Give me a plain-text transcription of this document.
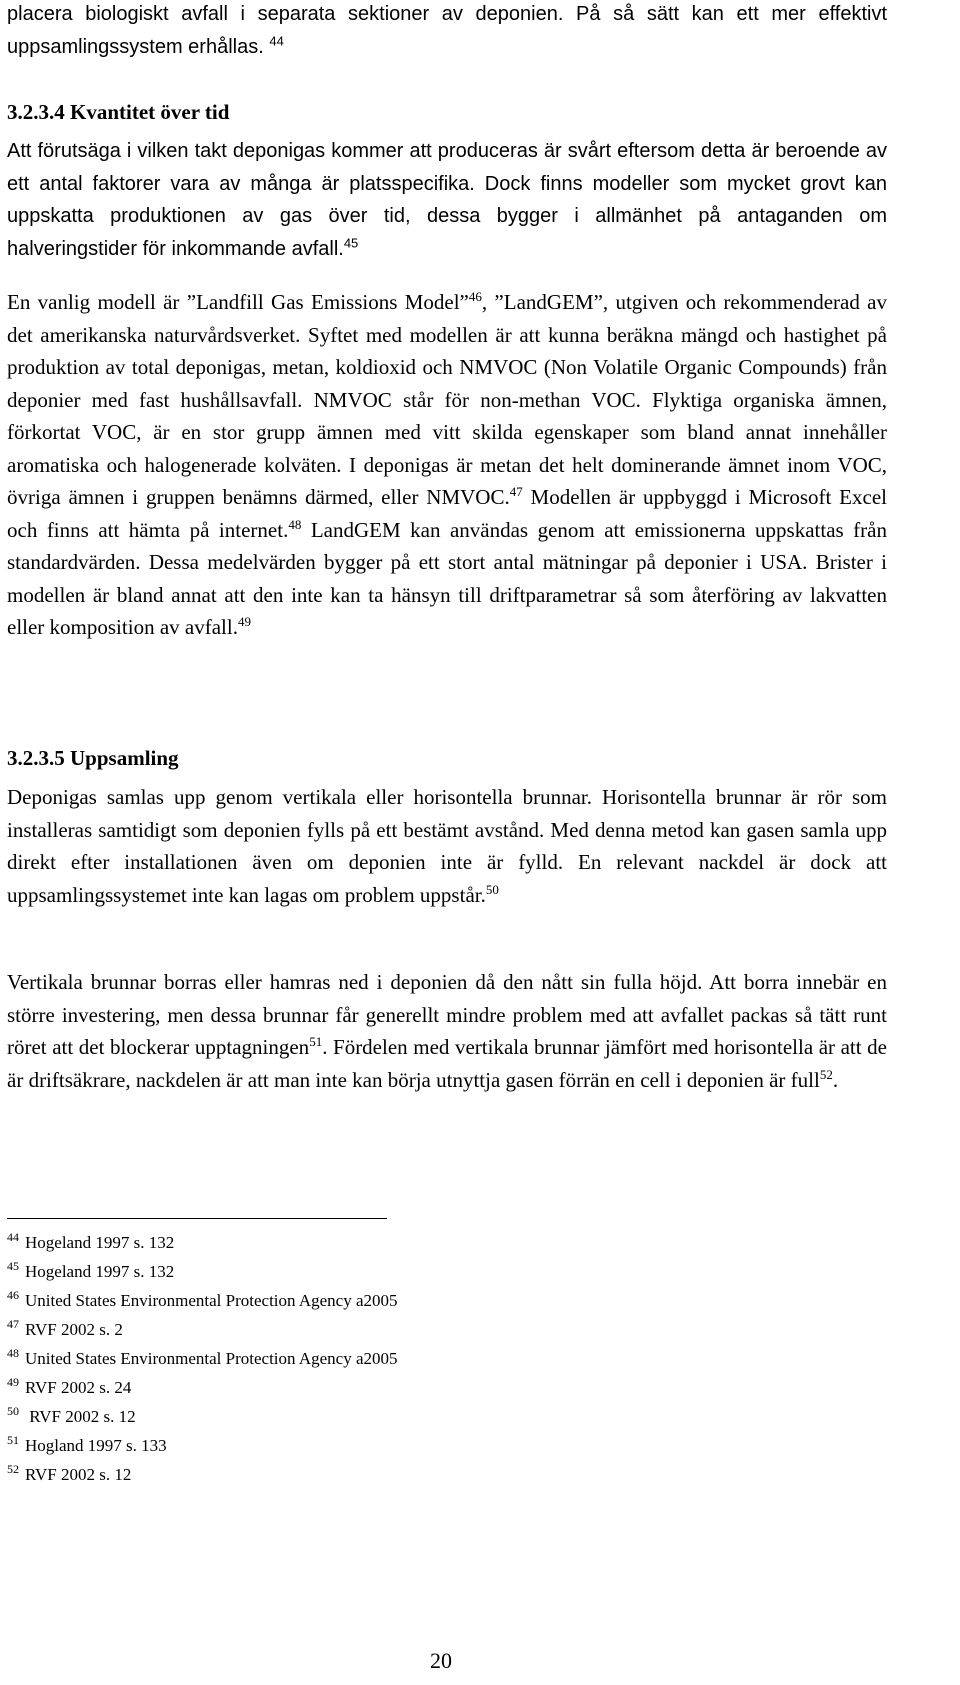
placera biologiskt avfall i separata sektioner av deponien. På så sätt kan ett mer effektivt uppsamlingssystem erhållas. $^{44}$

3.2.3.4 Kvantitet över tid

Att förutsäga i vilken takt deponigas kommer att produceras är svårt eftersom detta är beroende av ett antal faktorer vara av många är platsspecifika. Dock finns modeller som mycket grovt kan uppskatta produktionen av gas över tid, dessa bygger i allmänhet på antaganden om halveringstider för inkommande avfall.$^{45}$

En vanlig modell är ”Landfill Gas Emissions Model”$^{46}$, ”LandGEM”, utgiven och rekommenderad av det amerikanska naturvårdsverket. Syftet med modellen är att kunna beräkna mängd och hastighet på produktion av total deponigas, metan, koldioxid och NMVOC (Non Volatile Organic Compounds) från deponier med fast hushållsavfall. NMVOC står för non-methan VOC. Flyktiga organiska ämnen, förkortat VOC, är en stor grupp ämnen med vitt skilda egenskaper som bland annat innehåller aromatiska och halogenerade kolväten. I deponigas är metan det helt dominerande ämnet inom VOC, övriga ämnen i gruppen benämns därmed, eller NMVOC.$^{47}$ Modellen är uppbyggd i Microsoft Excel och finns att hämta på internet.$^{48}$ LandGEM kan användas genom att emissionerna uppskattas från standardvärden. Dessa medelvärden bygger på ett stort antal mätningar på deponier i USA. Brister i modellen är bland annat att den inte kan ta hänsyn till driftparametrar så som återföring av lakvatten eller komposition av avfall.$^{49}$

3.2.3.5 Uppsamling

Deponigas samlas upp genom vertikala eller horisontella brunnar. Horisontella brunnar är rör som installeras samtidigt som deponien fylls på ett bestämt avstånd. Med denna metod kan gasen samla upp direkt efter installationen även om deponien inte är fylld. En relevant nackdel är dock att uppsamlingssystemet inte kan lagas om problem uppstår.$^{50}$

Vertikala brunnar borras eller hamras ned i deponien då den nått sin fulla höjd. Att borra innebär en större investering, men dessa brunnar får generellt mindre problem med att avfallet packas så tätt runt röret att det blockerar upptagningen$^{51}$. Fördelen med vertikala brunnar jämfört med horisontella är att de är driftsäkrare, nackdelen är att man inte kan börja utnyttja gasen förrän en cell i deponien är full$^{52}$.

$^{44}$ Hogeland 1997 s. 132
$^{45}$ Hogeland 1997 s. 132
$^{46}$ United States Environmental Protection Agency a2005
$^{47}$ RVF 2002 s. 2
$^{48}$ United States Environmental Protection Agency a2005
$^{49}$ RVF 2002 s. 24
$^{50}$ RVF 2002 s. 12
$^{51}$ Hogland 1997 s. 133
$^{52}$ RVF 2002 s. 12
20
